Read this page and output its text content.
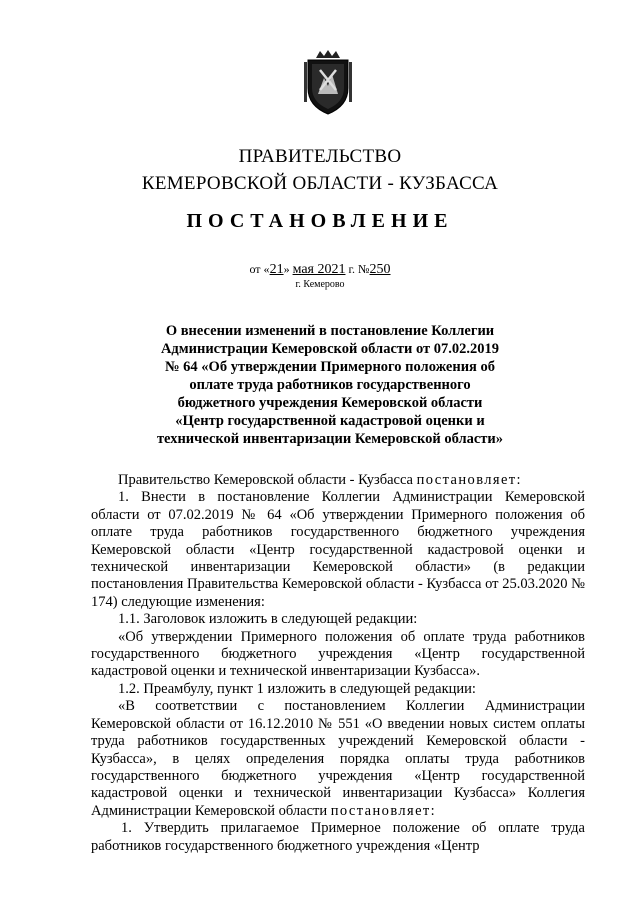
ПРАВИТЕЛЬСТВО
КЕМЕРОВСКОЙ ОБЛАСТИ - КУЗБАССА
ПОСТАНОВЛЕНИЕ
от «21» мая 2021 г. №250
г. Кемерово
О внесении изменений в постановление Коллегии
Администрации Кемеровской области от 07.02.2019
№ 64 «Об утверждении Примерного положения об
оплате труда работников государственного
бюджетного учреждения Кемеровской области
«Центр государственной кадастровой оценки и
технической инвентаризации Кемеровской области»

Правительство Кемеровской области - Кузбасса постановляет:

1. Внести в постановление Коллегии Администрации Кемеровской области от 07.02.2019 № 64 «Об утверждении Примерного положения об оплате труда работников государственного бюджетного учреждения Кемеровской области «Центр государственной кадастровой оценки и технической инвентаризации Кемеровской области» (в редакции постановления Правительства Кемеровской области - Кузбасса от 25.03.2020 № 174) следующие изменения:

1.1. Заголовок изложить в следующей редакции:

«Об утверждении Примерного положения об оплате труда работников государственного бюджетного учреждения «Центр государственной кадастровой оценки и технической инвентаризации Кузбасса».

1.2. Преамбулу, пункт 1 изложить в следующей редакции:

«В соответствии с постановлением Коллегии Администрации Кемеровской области от 16.12.2010 № 551 «О введении новых систем оплаты труда работников государственных учреждений Кемеровской области - Кузбасса», в целях определения порядка оплаты труда работников государственного бюджетного учреждения «Центр государственной кадастровой оценки и технической инвентаризации Кузбасса» Коллегия Администрации Кемеровской области постановляет:

1. Утвердить прилагаемое Примерное положение об оплате труда работников государственного бюджетного учреждения «Центр
